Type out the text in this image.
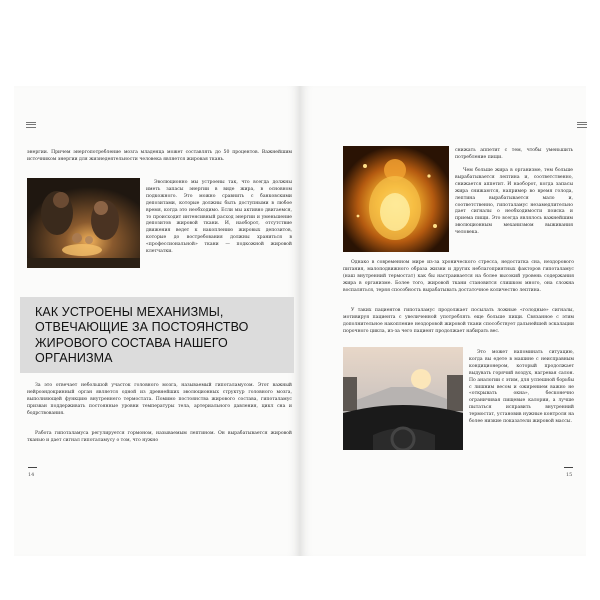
энергии. Причем энергопотребление мозга младенца может составлять до 50 процентов. Важнейшим источником энергии для жизнедеятельности человека является жировая ткань.
Эволюционно мы устроены так, что всегда должны иметь запасы энергии в виде жира, в основном подкожного. Это можно сравнить с банковскими депозитами, которые должны быть доступными в любое время, когда это необходимо. Если мы активно двигаемся, то происходит интенсивный расход энергии и уменьшение депозитов жировой ткани. И, наоборот, отсутствие движения ведет к накоплению жировых депозитов, которые до востребования должны храниться в «профессиональной» ткани — подкожной жировой клетчатки.
КАК УСТРОЕНЫ МЕХАНИЗМЫ, ОТВЕЧАЮЩИЕ ЗА ПОСТОЯНСТВО ЖИРОВОГО СОСТАВА НАШЕГО ОРГАНИЗМА
За это отвечает небольшой участок головного мозга, называемый гипоталамусом. Этот важный нейроэндокринный орган является одной из древнейших эволюционных структур головного мозга, выполняющей функцию внутреннего термостата. Помимо постоянства жирового состава, гипоталамус призван поддерживать постоянные уровни температуры тела, артериального давления, цикл сна и бодрствования.
Работа гипоталамуса регулируется гормоном, называемым лептином. Он вырабатывается жировой тканью и дает сигнал гипоталамусу о том, что нужно
14
снижать аппетит с тем, чтобы уменьшить потребление пищи.
Чем больше жира в организме, тем больше вырабатывается лептина и, соответственно, снижается аппетит. И наоборот, когда запасы жира снижаются, например во время голода, лептина вырабатывается мало и, соответственно, гипоталамус незамедлительно дает сигналы о необходимости поиска и приема пищи. Это всегда являлось важнейшим эволюционным механизмом выживания человека.
Однако в современном мире из-за хронического стресса, недостатка сна, нездорового питания, малоподвижного образа жизни и других неблагоприятных факторов гипоталамус (наш внутренний термостат) как бы настраивается на более высокий уровень содержания жира в организме. Более того, жировой ткани становится слишком много, она сложна воспаляться, теряя способность вырабатывать достаточное количество лептина.
У таких пациентов гипоталамус продолжает посылать ложные «голодные» сигналы, мотивируя пациента с увеличенной употреблять еще больше пищи. Связанное с этим дополнительное накопление нездоровой жировой ткани способствует дальнейшей эскалации порочного цикла, из-за чего пациент продолжает набирать вес.
Это может напоминать ситуацию, когда вы едете в машине с неисправным кондиционером, который продолжает выдувать горячий воздух, нагревая салон. По аналогии с этим, для успешной борьбы с лишним весом и ожирением важно не «открывать окна», бесконечно ограничивая пищевые калории, а лучше пытаться исправить внутренний термостат, установив нужные контроля на более низкие показатели жировой массы.
15
